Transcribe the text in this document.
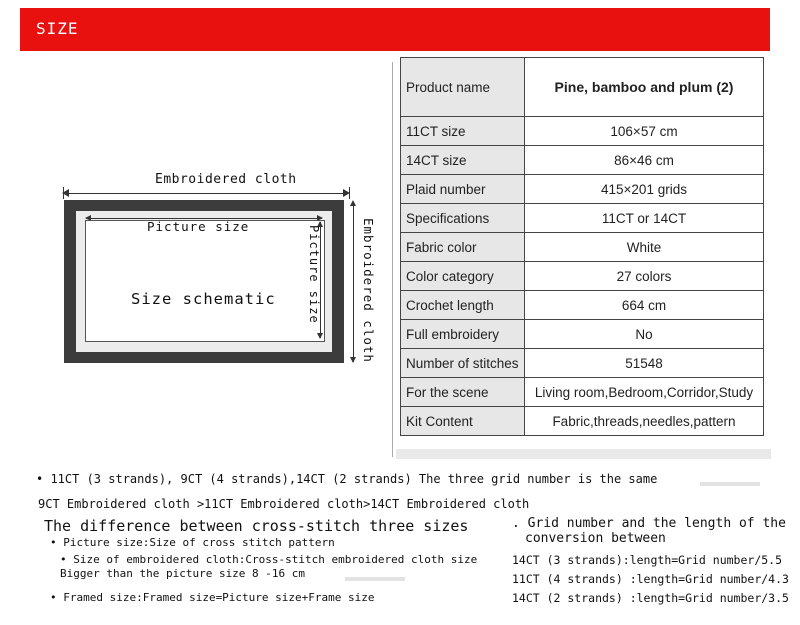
SIZE
Embroidered cloth
Picture size
Size schematic	Picture size	Embroidered cloth
Product name	Pine, bamboo and plum (2)
11CT size	106×57 cm
14CT size	86×46 cm
Plaid number	415×201 grids
Specifications	11CT or 14CT
Fabric color	White
Color category	27 colors
Crochet length	664 cm
Full embroidery	No
Number of stitches	51548
For the scene	Living room,Bedroom,Corridor,Study
Kit Content	Fabric,threads,needles,pattern
• 11CT (3 strands), 9CT (4 strands),14CT (2 strands) The three grid number is the same
9CT Embroidered cloth >11CT Embroidered cloth>14CT Embroidered cloth
The difference between cross-stitch three sizes
• Picture size:Size of cross stitch pattern
• Size of embroidered cloth:Cross-stitch embroidered cloth size
Bigger than the picture size 8 -16 cm
• Framed size:Framed size=Picture size+Frame size
. Grid number and the length of the
conversion between
14CT (3 strands):length=Grid number/5.5
11CT (4 strands) :length=Grid number/4.3
14CT (2 strands) :length=Grid number/3.5
